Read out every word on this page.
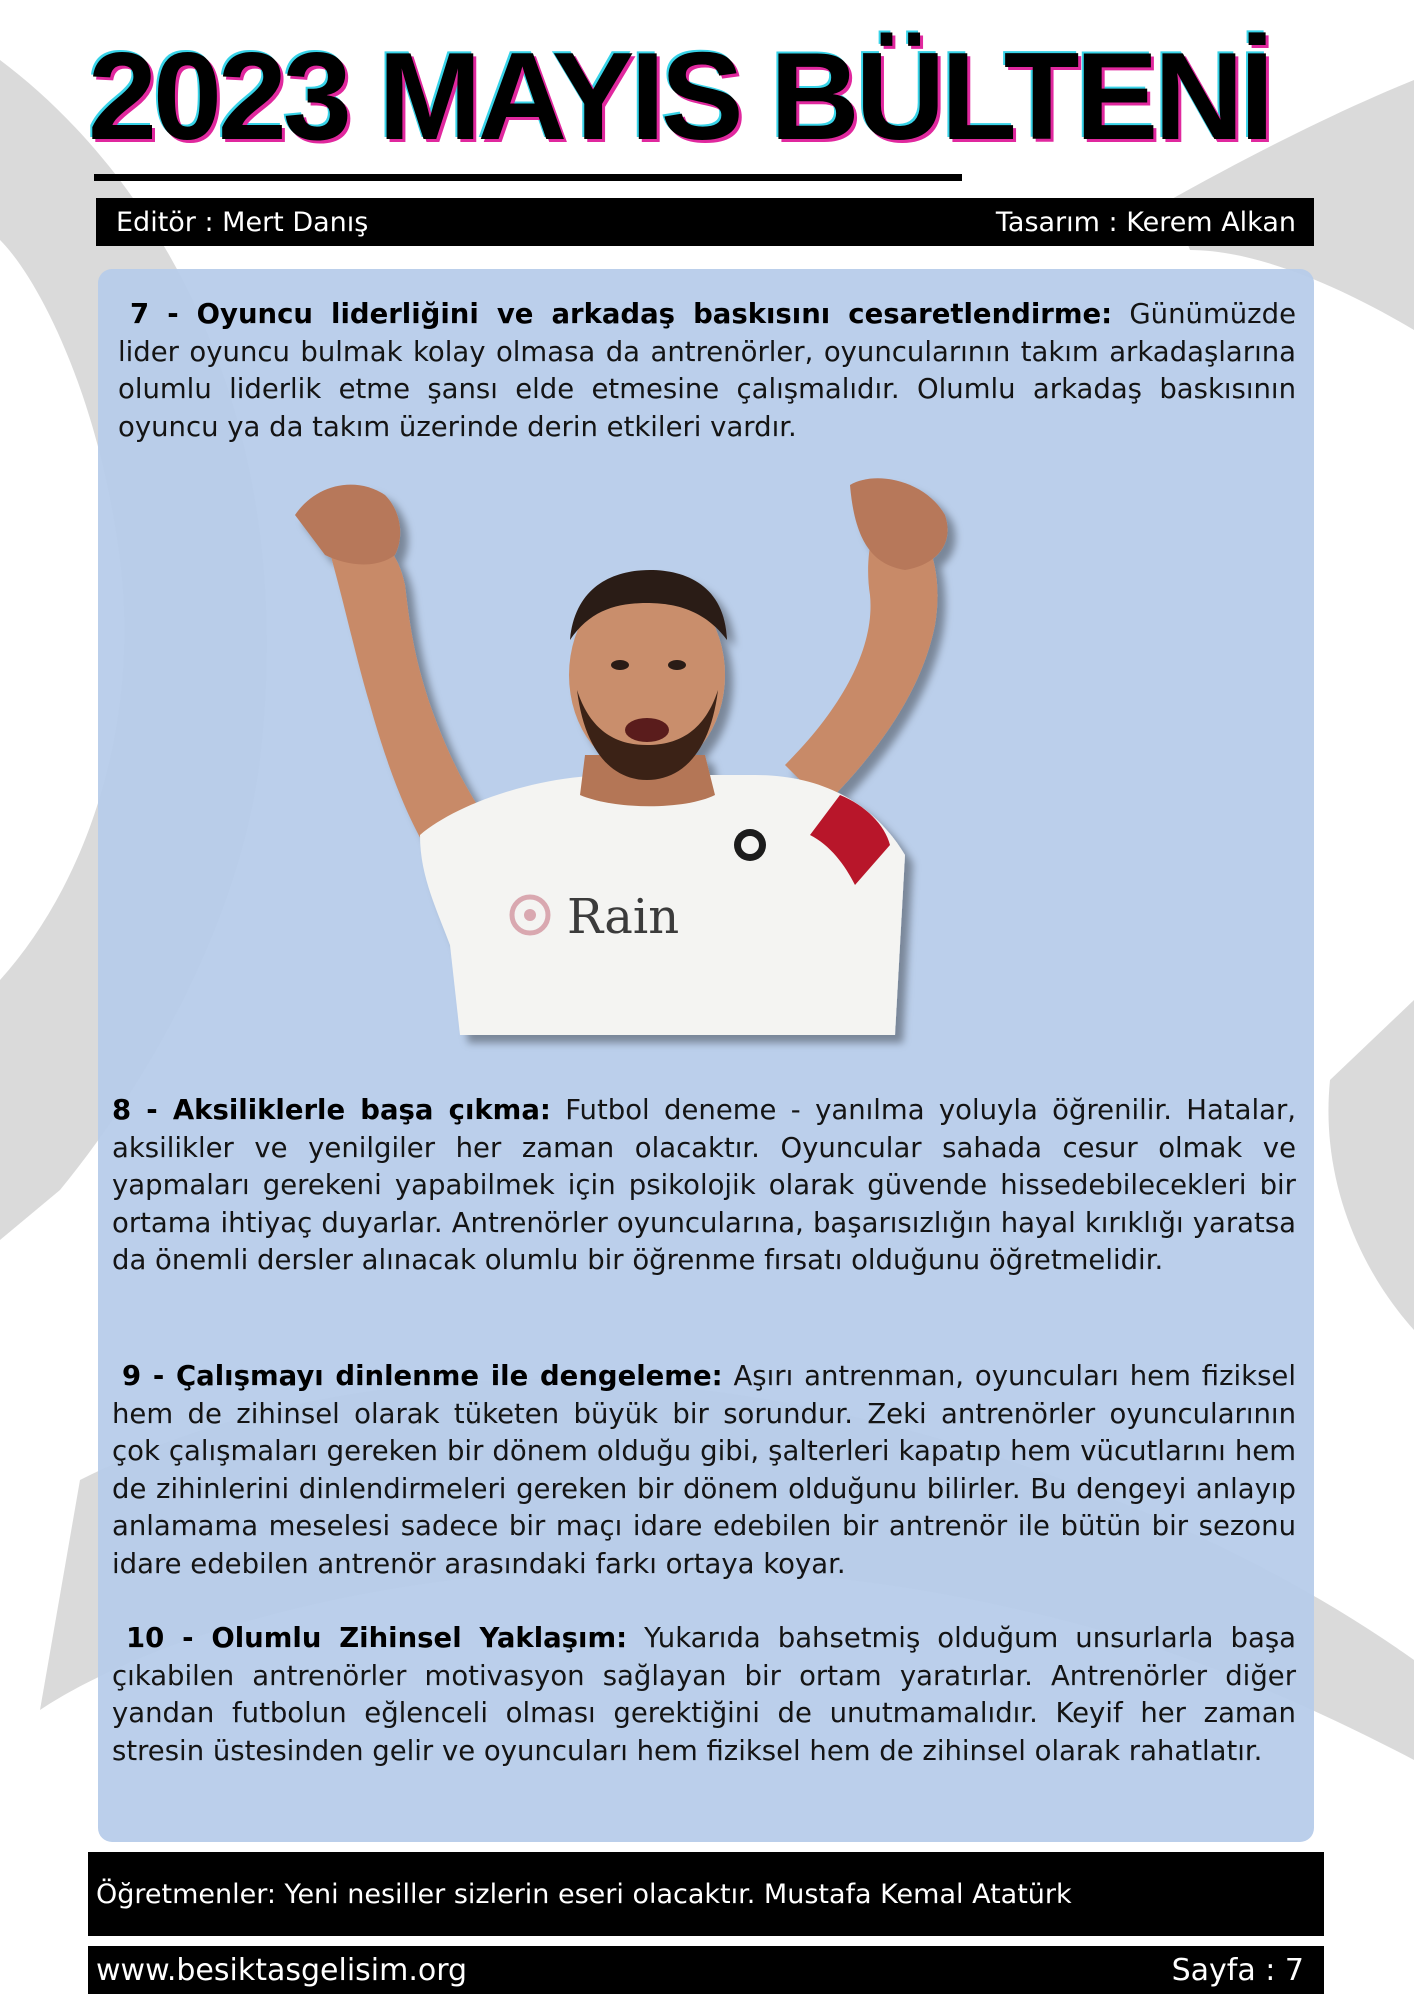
2023 MAYIS BÜLTENİ
Editör : Mert Danış	Tasarım : Kerem Alkan

7 - Oyuncu liderliğini ve arkadaş baskısını cesaretlendirme: Günümüzde lider oyuncu bulmak kolay olmasa da antrenörler, oyuncularının takım arkadaşlarına olumlu liderlik etme şansı elde etmesine çalışmalıdır. Olumlu arkadaş baskısının oyuncu ya da takım üzerinde derin etkileri vardır.

Rain

8 - Aksiliklerle başa çıkma: Futbol deneme - yanılma yoluyla öğrenilir. Hatalar, aksilikler ve yenilgiler her zaman olacaktır. Oyuncular sahada cesur olmak ve yapmaları gerekeni yapabilmek için psikolojik olarak güvende hissedebilecekleri bir ortama ihtiyaç duyarlar. Antrenörler oyuncularına, başarısızlığın hayal kırıklığı yaratsa da önemli dersler alınacak olumlu bir öğrenme fırsatı olduğunu öğretmelidir.

9 - Çalışmayı dinlenme ile dengeleme: Aşırı antrenman, oyuncuları hem fiziksel hem de zihinsel olarak tüketen büyük bir sorundur. Zeki antrenörler oyuncularının çok çalışmaları gereken bir dönem olduğu gibi, şalterleri kapatıp hem vücutlarını hem de zihinlerini dinlendirmeleri gereken bir dönem olduğunu bilirler. Bu dengeyi anlayıp anlamama meselesi sadece bir maçı idare edebilen bir antrenör ile bütün bir sezonu idare edebilen antrenör arasındaki farkı ortaya koyar.

10 - Olumlu Zihinsel Yaklaşım: Yukarıda bahsetmiş olduğum unsurlarla başa çıkabilen antrenörler motivasyon sağlayan bir ortam yaratırlar. Antrenörler diğer yandan futbolun eğlenceli olması gerektiğini de unutmamalıdır. Keyif her zaman stresin üstesinden gelir ve oyuncuları hem fiziksel hem de zihinsel olarak rahatlatır.

Öğretmenler: Yeni nesiller sizlerin eseri olacaktır. Mustafa Kemal Atatürk
www.besiktasgelisim.org	Sayfa : 7
